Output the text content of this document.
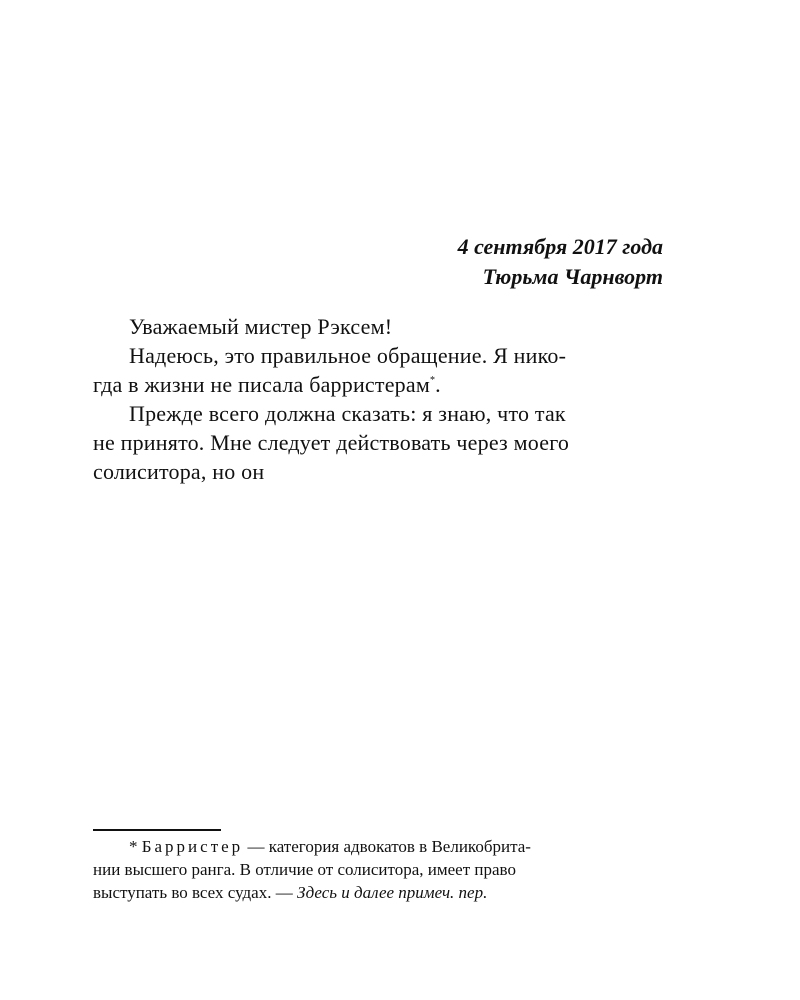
4 сентября 2017 года
Тюрьма Чарнворт
Уважаемый мистер Рэксем!
Надеюсь, это правильное обращение. Я нико-
гда в жизни не писала барристерам*.
Прежде всего должна сказать: я знаю, что так
не принято. Мне следует действовать через моего
солиситора, но он
* Барристер — категория адвокатов в Великобрита-
нии высшего ранга. В отличие от солиситора, имеет право
выступать во всех судах. — Здесь и далее примеч. пер.
